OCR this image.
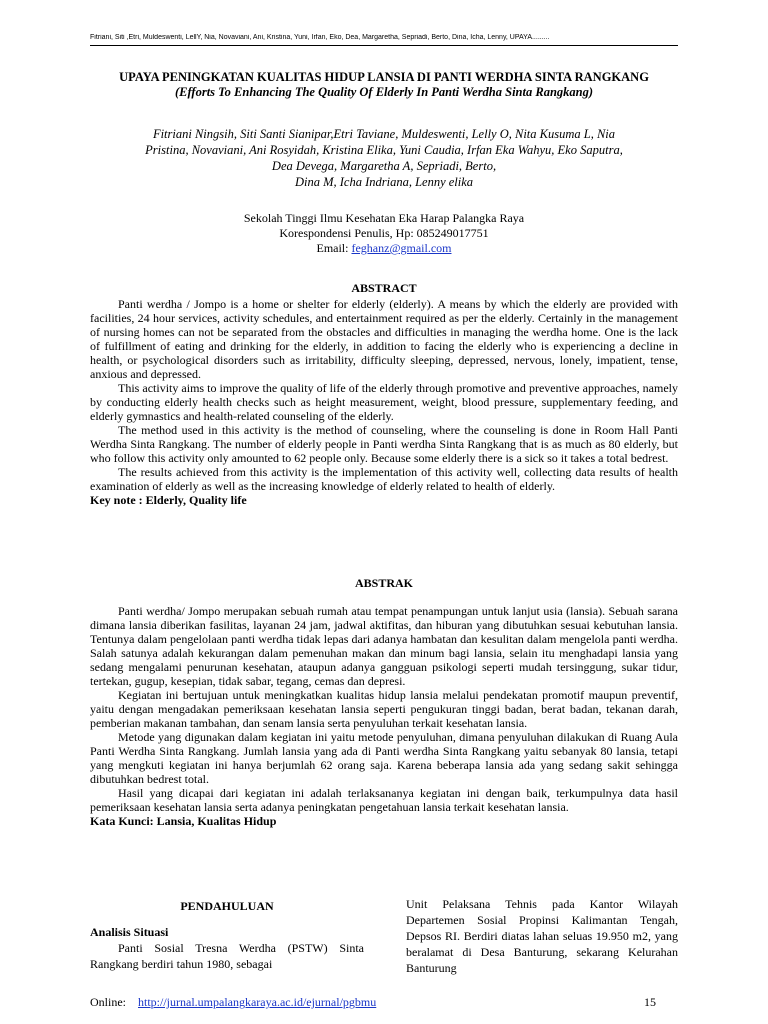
Fitriani, Siti ,Etri, Muldeswenti, LellY, Nia, Novaviani, Ani, Kristina, Yuni, Irfan, Eko, Dea, Margaretha, Sepriadi, Berto, Dina, Icha, Lenny, UPAYA.........

UPAYA PENINGKATAN KUALITAS HIDUP LANSIA DI PANTI WERDHA SINTA RANGKANG

(Efforts To Enhancing The Quality Of Elderly In Panti Werdha Sinta Rangkang)

Fitriani Ningsih, Siti Santi Sianipar,Etri Taviane, Muldeswenti, Lelly O, Nita Kusuma L, Nia
Pristina, Novaviani, Ani Rosyidah, Kristina Elika, Yuni Caudia, Irfan Eka Wahyu, Eko Saputra,
Dea Devega, Margaretha A, Sepriadi, Berto,
Dina M, Icha Indriana, Lenny elika
Sekolah Tinggi Ilmu Kesehatan Eka Harap Palangka Raya
Korespondensi Penulis, Hp: 085249017751
Email: feghanz@gmail.com

ABSTRACT

Panti werdha / Jompo is a home or shelter for elderly (elderly). A means by which the elderly are provided with facilities, 24 hour services, activity schedules, and entertainment required as per the elderly. Certainly in the management of nursing homes can not be separated from the obstacles and difficulties in managing the werdha home. One is the lack of fulfillment of eating and drinking for the elderly, in addition to facing the elderly who is experiencing a decline in health, or psychological disorders such as irritability, difficulty sleeping, depressed, nervous, lonely, impatient, tense, anxious and depressed.

This activity aims to improve the quality of life of the elderly through promotive and preventive approaches, namely by conducting elderly health checks such as height measurement, weight, blood pressure, supplementary feeding, and elderly gymnastics and health-related counseling of the elderly.

The method used in this activity is the method of counseling, where the counseling is done in Room Hall Panti Werdha Sinta Rangkang. The number of elderly people in Panti werdha Sinta Rangkang that is as much as 80 elderly, but who follow this activity only amounted to 62 people only. Because some elderly there is a sick so it takes a total bedrest.

The results achieved from this activity is the implementation of this activity well, collecting data results of health examination of elderly as well as the increasing knowledge of elderly related to health of elderly.

Key note : Elderly, Quality life

ABSTRAK

Panti werdha/ Jompo merupakan sebuah rumah atau tempat penampungan untuk lanjut usia (lansia). Sebuah sarana dimana lansia diberikan fasilitas, layanan 24 jam, jadwal aktifitas, dan hiburan yang dibutuhkan sesuai kebutuhan lansia. Tentunya dalam pengelolaan panti werdha tidak lepas dari adanya hambatan dan kesulitan dalam mengelola panti werdha. Salah satunya adalah kekurangan dalam pemenuhan makan dan minum bagi lansia, selain itu menghadapi lansia yang sedang mengalami penurunan kesehatan, ataupun adanya gangguan psikologi seperti mudah tersinggung, sukar tidur, tertekan, gugup, kesepian, tidak sabar, tegang, cemas dan depresi.

Kegiatan ini bertujuan untuk meningkatkan kualitas hidup lansia melalui pendekatan promotif maupun preventif, yaitu dengan mengadakan pemeriksaan kesehatan lansia seperti pengukuran tinggi badan, berat badan, tekanan darah, pemberian makanan tambahan, dan senam lansia serta penyuluhan terkait kesehatan lansia.

Metode yang digunakan dalam kegiatan ini yaitu metode penyuluhan, dimana penyuluhan dilakukan di Ruang Aula Panti Werdha Sinta Rangkang. Jumlah lansia yang ada di Panti werdha Sinta Rangkang yaitu sebanyak 80 lansia, tetapi yang mengkuti kegiatan ini hanya berjumlah 62 orang saja. Karena beberapa lansia ada yang sedang sakit sehingga dibutuhkan bedrest total.

Hasil yang dicapai dari kegiatan ini adalah terlaksananya kegiatan ini dengan baik, terkumpulnya data hasil pemeriksaan kesehatan lansia serta adanya peningkatan pengetahuan lansia terkait kesehatan lansia.

Kata Kunci: Lansia, Kualitas Hidup

PENDAHULUAN

Analisis Situasi

Panti Sosial Tresna Werdha (PSTW) Sinta Rangkang berdiri tahun 1980, sebagai

Unit Pelaksana Tehnis pada Kantor Wilayah Departemen Sosial Propinsi Kalimantan Tengah, Depsos RI. Berdiri diatas lahan seluas 19.950 m2, yang beralamat di Desa Banturung, sekarang Kelurahan Banturung

Online: http://jurnal.umpalangkaraya.ac.id/ejurnal/pgbmu	15
